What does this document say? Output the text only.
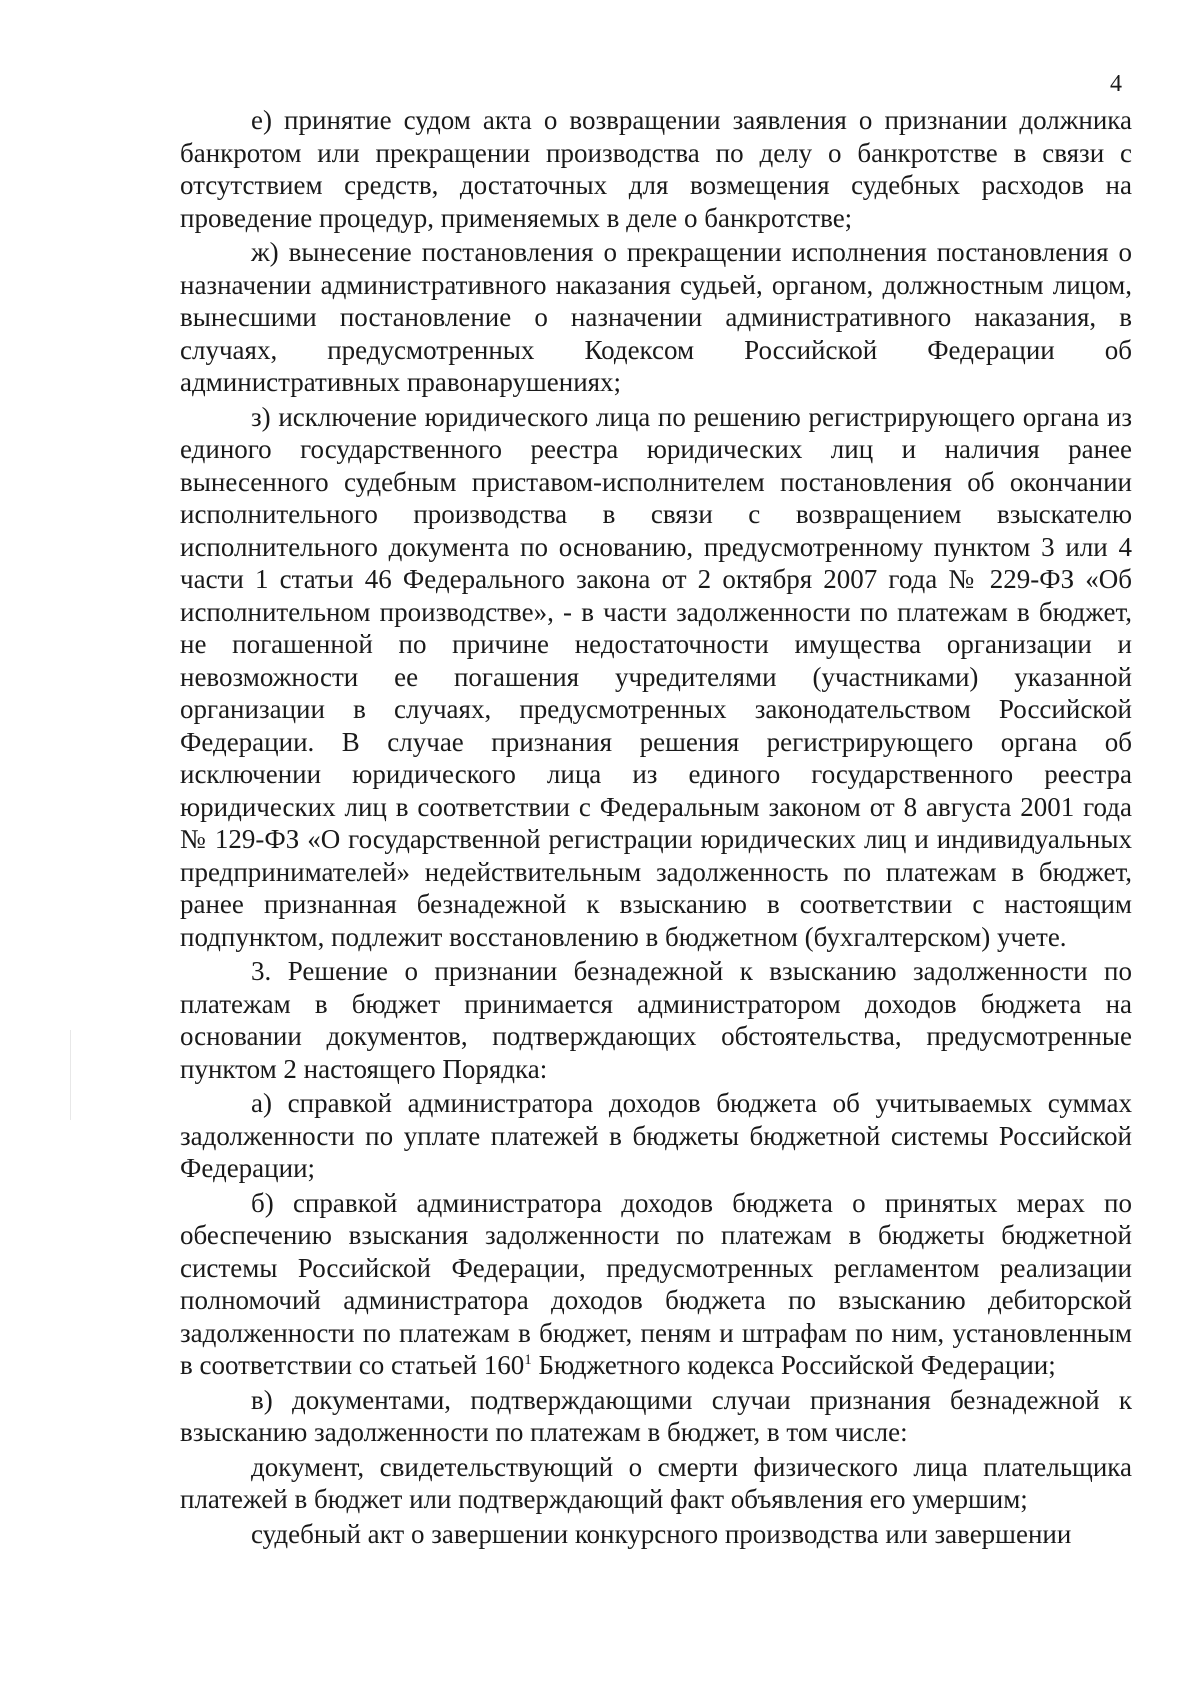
4

е) принятие судом акта о возвращении заявления о признании должника банкротом или прекращении производства по делу о банкротстве в связи с отсутствием средств, достаточных для возмещения судебных расходов на проведение процедур, применяемых в деле о банкротстве;

ж) вынесение постановления о прекращении исполнения постановления о назначении административного наказания судьей, органом, должностным лицом, вынесшими постановление о назначении административного наказания, в случаях, предусмотренных Кодексом Российской Федерации об административных правонарушениях;

з) исключение юридического лица по решению регистрирующего органа из единого государственного реестра юридических лиц и наличия ранее вынесенного судебным приставом-исполнителем постановления об окончании исполнительного производства в связи с возвращением взыскателю исполнительного документа по основанию, предусмотренному пунктом 3 или 4 части 1 статьи 46 Федерального закона от 2 октября 2007 года № 229-ФЗ «Об исполнительном производстве», - в части задолженности по платежам в бюджет, не погашенной по причине недостаточности имущества организации и невозможности ее погашения учредителями (участниками) указанной организации в случаях, предусмотренных законодательством Российской Федерации. В случае признания решения регистрирующего органа об исключении юридического лица из единого государственного реестра юридических лиц в соответствии с Федеральным законом от 8 августа 2001 года № 129-ФЗ «О государственной регистрации юридических лиц и индивидуальных предпринимателей» недействительным задолженность по платежам в бюджет, ранее признанная безнадежной к взысканию в соответствии с настоящим подпунктом, подлежит восстановлению в бюджетном (бухгалтерском) учете.

3. Решение о признании безнадежной к взысканию задолженности по платежам в бюджет принимается администратором доходов бюджета на основании документов, подтверждающих обстоятельства, предусмотренные пунктом 2 настоящего Порядка:

а) справкой администратора доходов бюджета об учитываемых суммах задолженности по уплате платежей в бюджеты бюджетной системы Российской Федерации;

б) справкой администратора доходов бюджета о принятых мерах по обеспечению взыскания задолженности по платежам в бюджеты бюджетной системы Российской Федерации, предусмотренных регламентом реализации полномочий администратора доходов бюджета по взысканию дебиторской задолженности по платежам в бюджет, пеням и штрафам по ним, установленным в соответствии со статьей $160^1$ Бюджетного кодекса Российской Федерации;

в) документами, подтверждающими случаи признания безнадежной к взысканию задолженности по платежам в бюджет, в том числе:

документ, свидетельствующий о смерти физического лица плательщика платежей в бюджет или подтверждающий факт объявления его умершим;

судебный акт о завершении конкурсного производства или завершении
